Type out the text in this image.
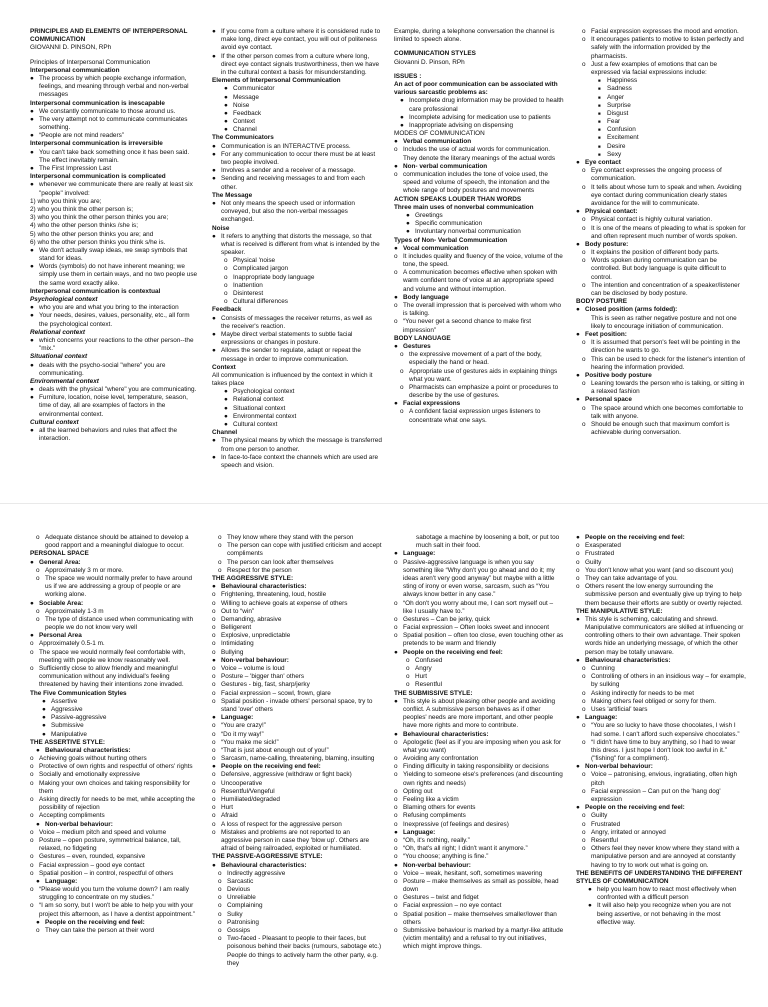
PRINCIPLES AND ELEMENTS OF INTERPERSONAL COMMUNICATION

GIOVANNI D. PINSON, RPh

Principles of Interpersonal Communication

Interpersonal communication

● The process by which people exchange information, feelings, and meaning through verbal and non-verbal messages

Interpersonal communication is inescapable

● We constantly communicate to those around us.
● The very attempt not to communicate communicates something.
● “People are not mind readers”

Interpersonal communication is irreversible

● You can't take back something once it has been said. The effect inevitably remain.
● The First Impression Last

Interpersonal communication is complicated

● whenever we communicate there are really at least six "people" involved:

1) who you think you are;

2) who you think the other person is;

3) who you think the other person thinks you are;

4) who the other person thinks /she is;

5) who the other person thinks you are; and

6) who the other person thinks you think s/he is.

● We don't actually swap ideas, we swap symbols that stand for ideas.
● Words (symbols) do not have inherent meaning; we simply use them in certain ways, and no two people use the same word exactly alike.

Interpersonal communication is contextual

Psychological context

● who you are and what you bring to the interaction
● Your needs, desires, values, personality, etc., all form the psychological context.

Relational context

● which concerns your reactions to the other person--the "mix."

Situational context

● deals with the psycho-social "where" you are communicating.

Environmental context

● deals with the physical "where" you are communicating.
● Furniture, location, noise level, temperature, season, time of day, all are examples of factors in the environmental context.

Cultural context

● all the learned behaviors and rules that affect the interaction.
● If you come from a culture where it is considered rude to make long, direct eye contact, you will out of politeness avoid eye contact.
● If the other person comes from a culture where long, direct eye contact signals trustworthiness, then we have in the cultural context a basis for misunderstanding.

Elements of Interpersonal Communication

● Communicator
● Message
● Noise
● Feedback
● Context
● Channel

The Communicators

● Communication is an INTERACTIVE process.
● For any communication to occur there must be at least two people involved.
● Involves a sender and a receiver of a message.
● Sending and receiving messages to and from each other.

The Message

● Not only means the speech used or information conveyed, but also the non-verbal messages exchanged.

Noise

● It refers to anything that distorts the message, so that what is received is different from what is intended by the speaker.
o Physical 'noise
o Complicated jargon
o Inappropriate body language
o Inattention
o Disinterest
o Cultural differences

Feedback

● Consists of messages the receiver returns, as well as the receiver's reaction.
● Maybe direct verbal statements to subtle facial expressions or changes in posture.
● Allows the sender to regulate, adapt or repeat the message in order to improve communication.

Context

All communication is influenced by the context in which it takes place

● Psychological context
● Relational context
● Situational context
● Environmental context
● Cultural context

Channel

● The physical means by which the message is transferred from one person to another.
● In face-to-face context the channels which are used are speech and vision.

Example, during a telephone conversation the channel is limited to speech alone.

COMMUNICATION STYLES

Giovanni D. Pinson, RPh

ISSUES :

An act of poor communication can be associated with various sarcastic problems as:

● Incomplete drug information may be provided to health care professional
● Incomplete advising for medication use to patients
● Inappropriate advising on dispensing

MODES OF COMMUNICATION

● Verbal communication
o Includes the use of actual words for communication. They denote the literary meanings of the actual words
● Non- verbal communication
o communication includes the tone of voice used, the speed and volume of speech, the intonation and the whole range of body postures and movements

ACTION SPEAKS LOUDER THAN WORDS

Three main uses of nonverbal communication

● Greetings
● Specific communication
● Involuntary nonverbal communication

Types of Non- Verbal Communication

● Vocal communication
o It includes quality and fluency of the voice, volume of the tone, the speed.
o A communication becomes effective when spoken with warm confident tone of voice at an appropriate speed and volume and without interruption.
● Body language
o The overall impression that is perceived with whom who is talking.
o “You never get a second chance to make first impression”

BODY LANGUAGE

● Gestures
o the expressive movement of a part of the body, especially the hand or head.
o Appropriate use of gestures aids in explaining things what you want.
o Pharmacists can emphasize a point or procedures to describe by the use of gestures.
● Facial expressions
o A confident facial expression urges listeners to concentrate what one says.
o Facial expression expresses the mood and emotion.
o It encourages patients to motive to listen perfectly and safely with the information provided by the pharmacists.
o Just a few examples of emotions that can be expressed via facial expressions include:
■ Happiness
■ Sadness
■ Anger
■ Surprise
■ Disgust
■ Fear
■ Confusion
■ Excitement
■ Desire
■ Sexy
● Eye contact
o Eye contact expresses the ongoing process of communication.
o It tells about whose turn to speak and when. Avoiding eye contact during communication clearly states avoidance for the will to communicate.
● Physical contact:
o Physical contact is highly cultural variation.
o It is one of the means of pleading to what is spoken for and often represent much number of words spoken.
● Body posture:
o It explains the position of different body parts.
o Words spoken during communication can be controlled. But body language is quite difficult to control.
o The intention and concentration of a speaker/listener can be disclosed by body posture.

BODY POSTURE

● Closed position (arms folded):
This is seen as rather negative posture and not one likely to encourage initiation of communication.
● Feet position:
o It is assumed that person's feet will be pointing in the direction he wants to go.
o This can be used to check for the listener's intention of hearing the information provided.
● Positive body posture
o Leaning towards the person who is talking, or sitting in a relaxed fashion
● Personal space
o The space around which one becomes comfortable to talk with anyone.
o Should be enough such that maximum comfort is achievable during conversation.
o Adequate distance should be attained to develop a good rapport and a meaningful dialogue to occur.

PERSONAL SPACE

● General Area:
o Approximately 3 m or more.
o The space we would normally prefer to have around us if we are addressing a group of people or are working alone.
● Sociable Area:
o Approximately 1-3 m
o The type of distance used when communicating with people we do not know very well
● Personal Area
o Approximately 0.5-1 m.
o The space we would normally feel comfortable with, meeting with people we know reasonably well.
o Sufficiently close to allow friendly and meaningful communication without any individual's feeling threatened by having their intentions zone invaded.

The Five Communication Styles

● Assertive
● Aggressive
● Passive-aggressive
● Submissive
● Manipulative

THE ASSERTIVE STYLE:

● Behavioural characteristics:
o Achieving goals without hurting others
o Protective of own rights and respectful of others' rights
o Socially and emotionally expressive
o Making your own choices and taking responsibility for them
o Asking directly for needs to be met, while accepting the possibility of rejection
o Accepting compliments
● Non-verbal behaviour:
o Voice – medium pitch and speed and volume
o Posture – open posture, symmetrical balance, tall, relaxed, no fidgeting
o Gestures – even, rounded, expansive
o Facial expression – good eye contact
o Spatial position – in control, respectful of others
● Language:
o “Please would you turn the volume down? I am really struggling to concentrate on my studies.”
o “I am so sorry, but I won't be able to help you with your project this afternoon, as I have a dentist appointment.”
● People on the receiving end feel:
o They can take the person at their word
o They know where they stand with the person
o The person can cope with justified criticism and accept compliments
o The person can look after themselves
o Respect for the person

THE AGGRESSIVE STYLE:

● Behavioural characteristics:
o Frightening, threatening, loud, hostile
o Willing to achieve goals at expense of others
o Out to “win”
o Demanding, abrasive
o Belligerent
o Explosive, unpredictable
o Intimidating
o Bullying
● Non-verbal behaviour:
o Voice – volume is loud
o Posture – 'bigger than' others
o Gestures - big, fast, sharp/jerky
o Facial expression – scowl, frown, glare
o Spatial position - invade others' personal space, try to stand 'over' others
● Language:
o “You are crazy!”
o “Do it my way!”
o “You make me sick!”
o “That is just about enough out of you!”
o Sarcasm, name-calling, threatening, blaming, insulting
● People on the receiving end feel:
o Defensive, aggressive (withdraw or fight back)
o Uncooperative
o Resentful/Vengeful
o Humiliated/degraded
o Hurt
o Afraid
o A loss of respect for the aggressive person
o Mistakes and problems are not reported to an aggressive person in case they 'blow up'. Others are afraid of being railroaded, exploited or humiliated.

THE PASSIVE-AGGRESSIVE STYLE:

● Behavioural characteristics:
o Indirectly aggressive
o Sarcastic
o Devious
o Unreliable
o Complaining
o Sulky
o Patronising
o Gossips
o Two-faced - Pleasant to people to their faces, but poisonous behind their backs (rumours, sabotage etc.) People do things to actively harm the other party, e.g. they

sabotage a machine by loosening a bolt, or put too much salt in their food.

● Language:
o Passive-aggressive language is when you say something like “Why don't you go ahead and do it; my ideas aren't very good anyway” but maybe with a little sting of irony or even worse, sarcasm, such as “You always know better in any case.”
o “Oh don't you worry about me, I can sort myself out – like I usually have to.”
o Gestures – Can be jerky, quick
o Facial expression – Often looks sweet and innocent
o Spatial position – often too close, even touching other as pretends to be warm and friendly
● People on the receiving end feel:
o Confused
o Angry
o Hurt
o Resentful

THE SUBMISSIVE STYLE:

● This style is about pleasing other people and avoiding conflict. A submissive person behaves as if other peoples' needs are more important, and other people have more rights and more to contribute.
● Behavioural characteristics:
o Apologetic (feel as if you are imposing when you ask for what you want)
o Avoiding any confrontation
o Finding difficulty in taking responsibility or decisions
o Yielding to someone else's preferences (and discounting own rights and needs)
o Opting out
o Feeling like a victim
o Blaming others for events
o Refusing compliments
o Inexpressive (of feelings and desires)
● Language:
o “Oh, it's nothing, really.”
o “Oh, that's all right; I didn't want it anymore.”
o “You choose; anything is fine.”
● Non-verbal behaviour:
o Voice – weak, hesitant, soft, sometimes wavering
o Posture – make themselves as small as possible, head down
o Gestures – twist and fidget
o Facial expression – no eye contact
o Spatial position – make themselves smaller/lower than others
o Submissive behaviour is marked by a martyr-like attitude (victim mentality) and a refusal to try out initiatives, which might improve things.
● People on the receiving end feel:
o Exasperated
o Frustrated
o Guilty
o You don't know what you want (and so discount you)
o They can take advantage of you.
o Others resent the low energy surrounding the submissive person and eventually give up trying to help them because their efforts are subtly or overtly rejected.

THE MANIPULATIVE STYLE:

● This style is scheming, calculating and shrewd. Manipulative communicators are skilled at influencing or controlling others to their own advantage. Their spoken words hide an underlying message, of which the other person may be totally unaware.
● Behavioural characteristics:
o Cunning
o Controlling of others in an insidious way – for example, by sulking
o Asking indirectly for needs to be met
o Making others feel obliged or sorry for them.
o Uses 'artificial' tears
● Language:
o “You are so lucky to have those chocolates, I wish I had some. I can't afford such expensive chocolates.”
o “I didn't have time to buy anything, so I had to wear this dress. I just hope I don't look too awful in it.” ("fishing" for a compliment).
● Non-verbal behaviour:
o Voice – patronising, envious, ingratiating, often high pitch
o Facial expression – Can put on the 'hang dog' expression
● People on the receiving end feel:
o Guilty
o Frustrated
o Angry, irritated or annoyed
o Resentful
o Others feel they never know where they stand with a manipulative person and are annoyed at constantly having to try to work out what is going on.

THE BENEFITS OF UNDERSTANDING THE DIFFERENT STYLES OF COMMUNICATION

● help you learn how to react most effectively when confronted with a difficult person
● It will also help you recognize when you are not being assertive, or not behaving in the most effective way.
